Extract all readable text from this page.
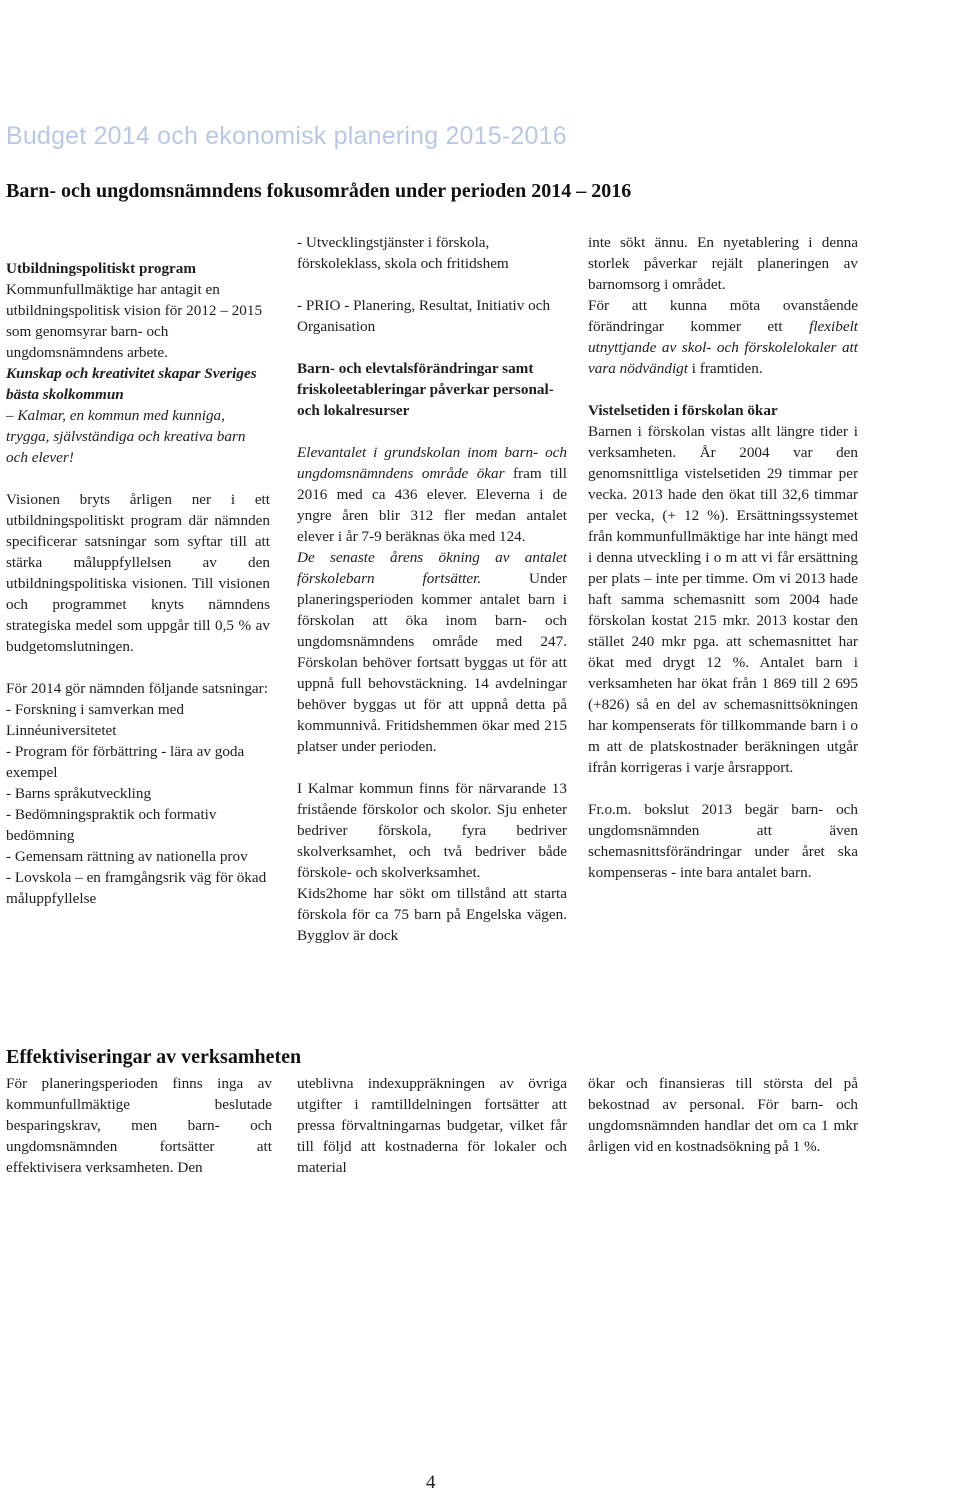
Budget 2014 och ekonomisk planering 2015-2016
Barn- och ungdomsnämndens fokusområden under perioden 2014 – 2016

Utbildningspolitiskt program

Kommunfullmäktige har antagit en utbildningspolitisk vision för 2012 – 2015 som genomsyrar barn- och ungdomsnämndens arbete.

Kunskap och kreativitet skapar Sveriges bästa skolkommun

– Kalmar, en kommun med kunniga, trygga, självständiga och kreativa barn och elever!

Visionen bryts årligen ner i ett utbildningspolitiskt program där nämnden specificerar satsningar som syftar till att stärka måluppfyllelsen av den utbildningspolitiska visionen. Till visionen och programmet knyts nämndens strategiska medel som uppgår till 0,5 % av budgetomslutningen.

För 2014 gör nämnden följande satsningar:

- Forskning i samverkan med Linnéuniversitetet

- Program för förbättring - lära av goda exempel

- Barns språkutveckling

- Bedömningspraktik och formativ bedömning

- Gemensam rättning av nationella prov

- Lovskola – en framgångsrik väg för ökad måluppfyllelse

- Utvecklingstjänster i förskola, förskoleklass, skola och fritidshem

- PRIO - Planering, Resultat, Initiativ och Organisation

Barn- och elevtalsförändringar samt friskoleetableringar påverkar personal- och lokalresurser

Elevantalet i grundskolan inom barn- och ungdomsnämndens område ökar fram till 2016 med ca 436 elever. Eleverna i de yngre åren blir 312 fler medan antalet elever i år 7-9 beräknas öka med 124.

De senaste årens ökning av antalet förskolebarn fortsätter.	Under planeringsperioden kommer antalet barn i förskolan att öka inom barn- och ungdomsnämndens område med 247. Förskolan behöver fortsatt byggas ut för att uppnå full behovstäckning. 14 avdelningar behöver byggas ut för att uppnå detta på kommunnivå. Fritidshemmen ökar med 215 platser under perioden.

I Kalmar kommun finns för närvarande 13 fristående förskolor och skolor. Sju enheter bedriver förskola, fyra bedriver skolverksamhet, och två bedriver både förskole- och skolverksamhet.

Kids2home har sökt om tillstånd att starta förskola för ca 75 barn på Engelska vägen. Bygglov är dock

inte sökt ännu. En nyetablering i denna storlek påverkar rejält planeringen av barnomsorg i området.

För att kunna möta ovanstående förändringar kommer ett flexibelt utnyttjande av skol- och förskolelokaler att vara nödvändigt i framtiden.

Vistelsetiden i förskolan ökar

Barnen i förskolan vistas allt längre tider i verksamheten. År 2004 var den genomsnittliga vistelsetiden 29 timmar per vecka. 2013 hade den ökat till 32,6 timmar per vecka, (+ 12 %). Ersättningssystemet från kommunfullmäktige har inte hängt med i denna utveckling i o m att vi får ersättning per plats – inte per timme. Om vi 2013 hade haft samma schemasnitt som 2004 hade förskolan kostat 215 mkr. 2013 kostar den stället 240 mkr pga. att schemasnittet har ökat med drygt 12 %. Antalet barn i verksamheten har ökat från 1 869 till 2 695 (+826) så en del av schemasnittsökningen har kompenserats för tillkommande barn i o m att de platskostnader beräkningen utgår ifrån korrigeras i varje årsrapport.

Fr.o.m. bokslut 2013 begär barn- och ungdomsnämnden att även schemasnittsförändringar under året ska kompenseras - inte bara antalet barn.

Effektiviseringar av verksamheten
För planeringsperioden finns inga av kommunfullmäktige beslutade besparingskrav, men barn- och ungdomsnämnden fortsätter att effektivisera verksamheten. Den
uteblivna indexuppräkningen av övriga utgifter i ramtilldelningen fortsätter att pressa förvaltningarnas budgetar, vilket får till följd att kostnaderna för lokaler och material
ökar och finansieras till största del på bekostnad av personal. För barn- och ungdomsnämnden handlar det om ca 1 mkr årligen vid en kostnadsökning på 1 %.
4
